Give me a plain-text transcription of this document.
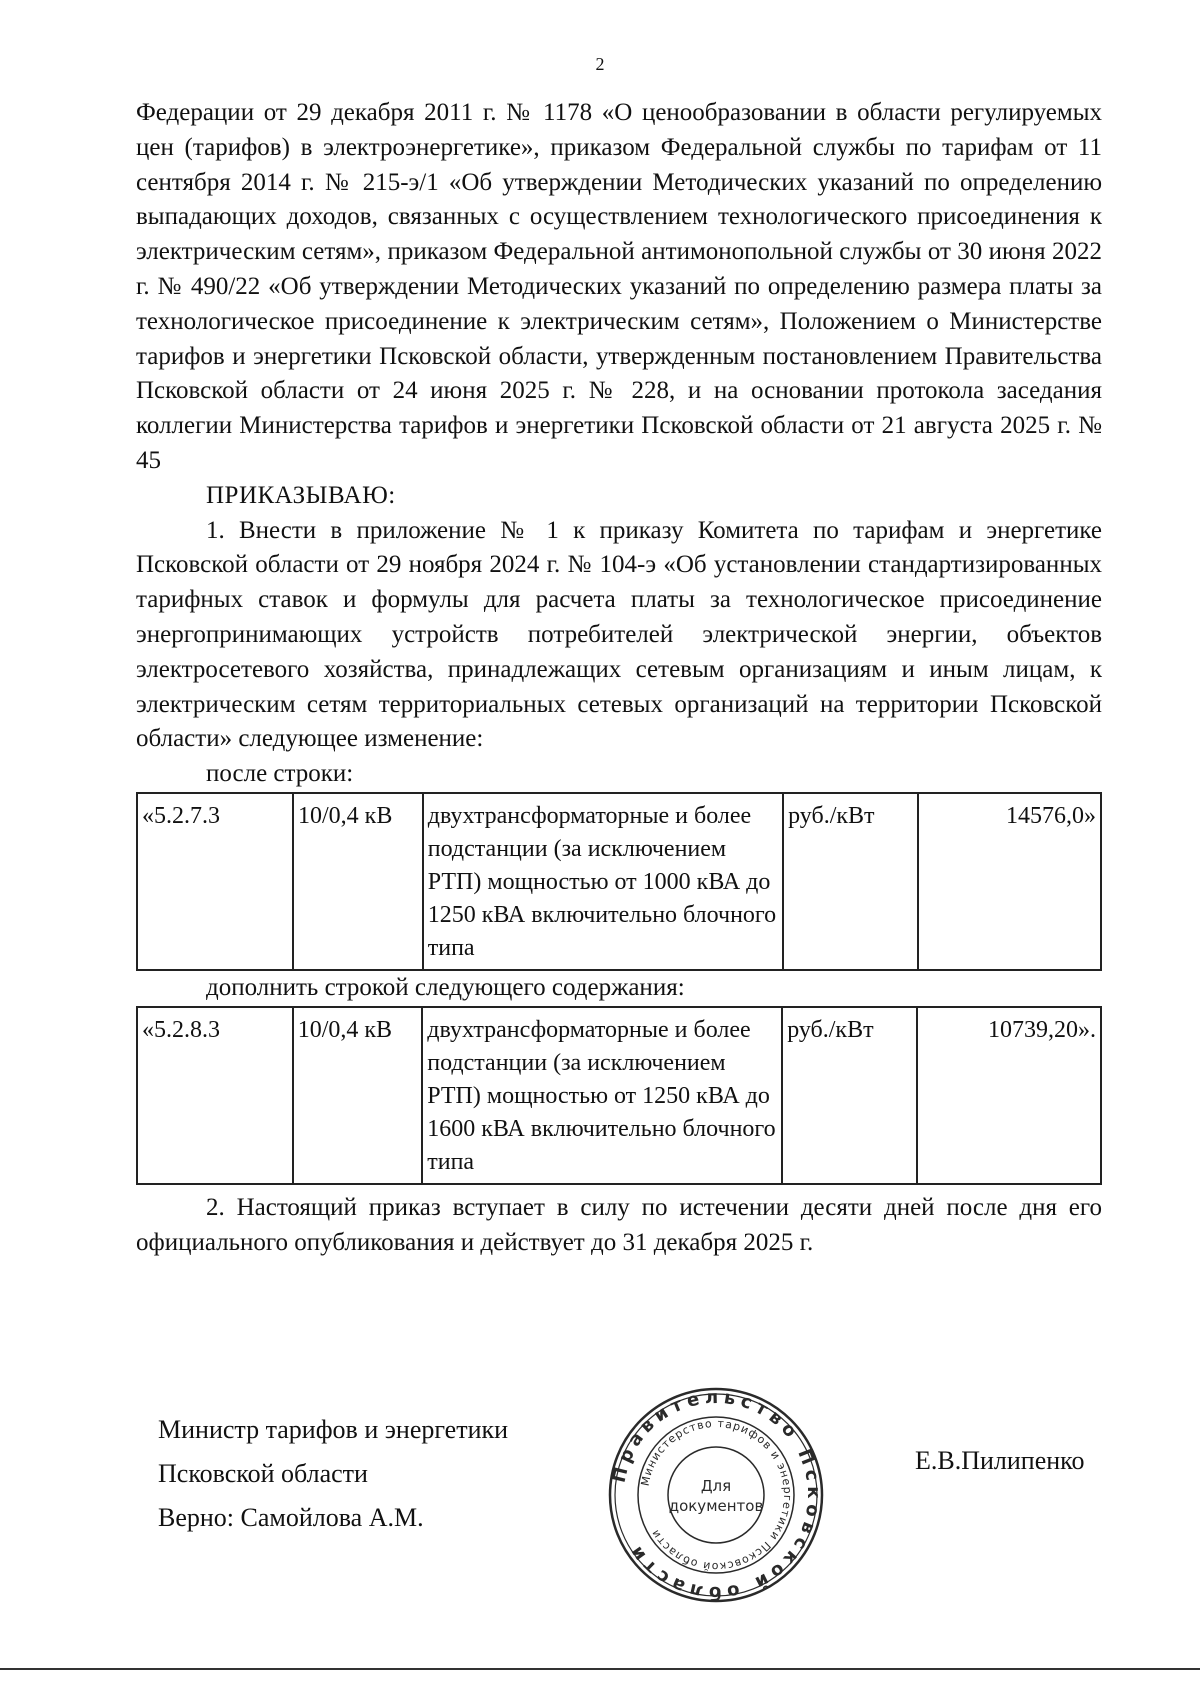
2

Федерации от 29 декабря 2011 г. № 1178 «О ценообразовании в области регулируемых цен (тарифов) в электроэнергетике», приказом Федеральной службы по тарифам от 11 сентября 2014 г. № 215-э/1 «Об утверждении Методических указаний по определению выпадающих доходов, связанных с осуществлением технологического присоединения к электрическим сетям», приказом Федеральной антимонопольной службы от 30 июня 2022 г. № 490/22 «Об утверждении Методических указаний по определению размера платы за технологическое присоединение к электрическим сетям», Положением о Министерстве тарифов и энергетики Псковской области, утвержденным постановлением Правительства Псковской области от 24 июня 2025 г. № 228, и на основании протокола заседания коллегии Министерства тарифов и энергетики Псковской области от 21 августа 2025 г. № 45

ПРИКАЗЫВАЮ:

1. Внести в приложение № 1 к приказу Комитета по тарифам и энергетике Псковской области от 29 ноября 2024 г. № 104-э «Об установлении стандартизированных тарифных ставок и формулы для расчета платы за технологическое присоединение энергопринимающих устройств потребителей электрической энергии, объектов электросетевого хозяйства, принадлежащих сетевым организациям и иным лицам, к электрическим сетям территориальных сетевых организаций на территории Псковской области» следующее изменение:

после строки:

«5.2.7.3	10/0,4 кВ	двухтрансформаторные и более подстанции (за исключением РТП) мощностью от 1000 кВА до 1250 кВА включительно блочного типа	руб./кВт	14576,0»

дополнить строкой следующего содержания:

«5.2.8.3	10/0,4 кВ	двухтрансформаторные и более подстанции (за исключением РТП) мощностью от 1250 кВА до 1600 кВА включительно блочного типа	руб./кВт	10739,20».

2. Настоящий приказ вступает в силу по истечении десяти дней после дня его официального опубликования и действует до 31 декабря 2025 г.

Министр тарифов и энергетики
Псковской области
Верно: Самойлова А.М.
Е.В.Пилипенко
Правительство Псковской области
Министерство тарифов и энергетики Псковской области
Для
документов
